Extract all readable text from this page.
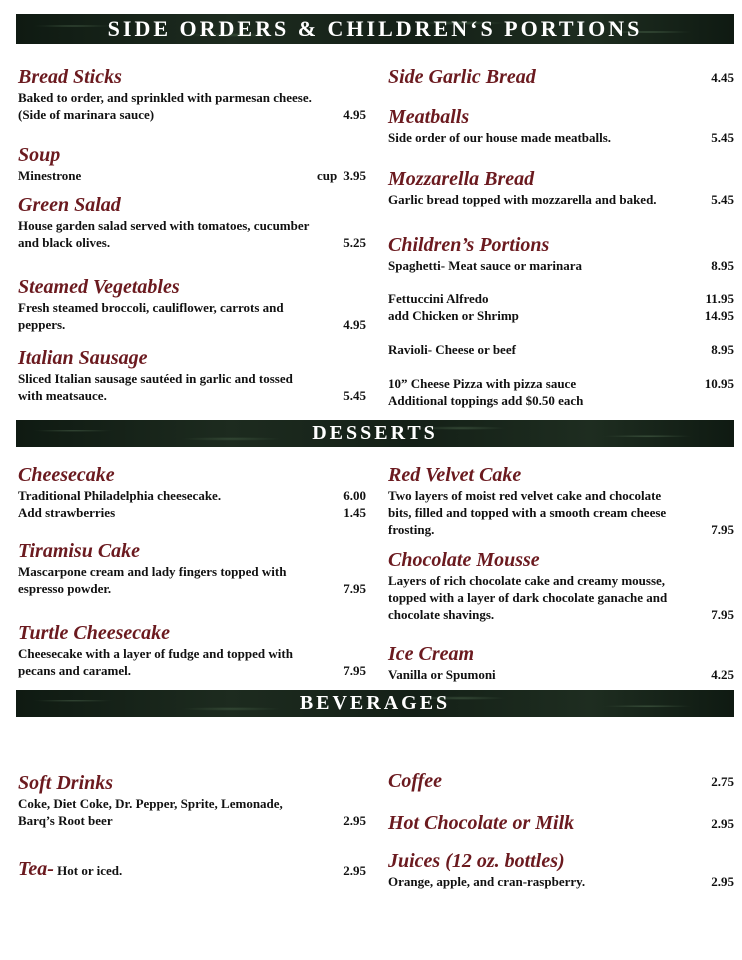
SIDE ORDERS & CHILDREN‘S PORTIONS
DESSERTS
BEVERAGES
Bread Sticks
Baked to order, and sprinkled with parmesan cheese.
(Side of marinara sauce)	4.95
Soup
Minestrone	cup 3.95
Green Salad
House garden salad served with tomatoes, cucumber
and black olives.	5.25
Steamed Vegetables
Fresh steamed broccoli, cauliflower, carrots and
peppers.	4.95
Italian Sausage
Sliced Italian sausage sautéed in garlic and tossed
with meatsauce.	5.45
Side Garlic Bread	4.45
Meatballs
Side order of our house made meatballs.	5.45
Mozzarella Bread
Garlic bread topped with mozzarella and baked.	5.45
Children’s Portions
Spaghetti- Meat sauce or marinara	8.95
Fettuccini Alfredo	11.95
add Chicken or Shrimp	14.95
Ravioli- Cheese or beef	8.95
10” Cheese Pizza with pizza sauce	10.95
Additional toppings add $0.50 each
Cheesecake
Traditional Philadelphia cheesecake.	6.00
Add strawberries	1.45
Tiramisu Cake
Mascarpone cream and lady fingers topped with
espresso powder.	7.95
Turtle Cheesecake
Cheesecake with a layer of fudge and topped with
pecans and caramel.	7.95
Red Velvet Cake
Two layers of moist red velvet cake and chocolate
bits, filled and topped with a smooth cream cheese
frosting.	7.95
Chocolate Mousse
Layers of rich chocolate cake and creamy mousse,
topped with a layer of dark chocolate ganache and
chocolate shavings.	7.95
Ice Cream
Vanilla or Spumoni	4.25
Soft Drinks
Coke, Diet Coke, Dr. Pepper, Sprite, Lemonade,
Barq’s Root beer	2.95
Tea- Hot or iced.	2.95
Coffee	2.75
Hot Chocolate or Milk	2.95
Juices (12 oz. bottles)
Orange, apple, and cran-raspberry.	2.95
